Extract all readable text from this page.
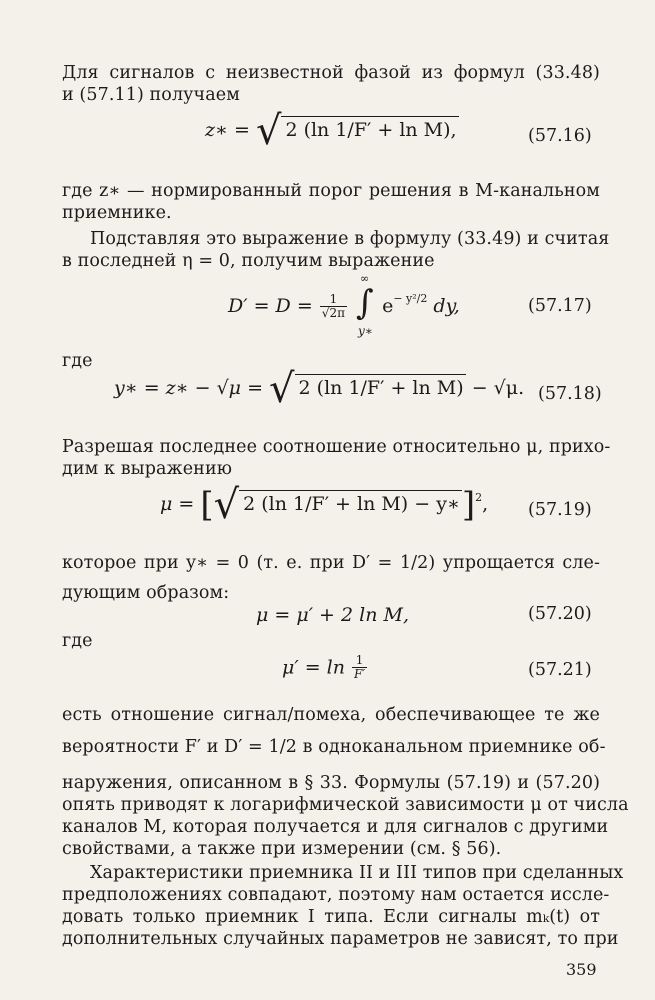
Для сигналов с неизвестной фазой из формул (33.48)
и (57.11) получаем
z∗ = √ 2 (ln 1/F′ + ln M),	(57.16)
где z∗ — нормированный порог решения в M-канальном
приемнике.
Подставляя это выражение в формулу (33.49) и считая
в последней η = 0, получим выражение
$D' = D = \frac{1}{√2\pi}$

∞
∫
y∗
$e^{- y^2/2}$ dy,	(57.17)
где
y∗ = z∗ − √μ = √ 2 (ln 1/F′ + ln M) − √μ. (57.18)
Разрешая последнее соотношение относительно μ, прихо-
дим к выражению
μ = [√ 2 (ln 1/F′ + ln M) − y∗]$^2$, (57.19)
которое при y∗ = 0 (т. е. при D′ = 1/2) упрощается сле-
дующим образом:
μ = μ′ + 2 ln M,	(57.20)
где
$\mu' = \ln \frac{1}{F'}$	(57.21)
есть отношение сигнал/помеха, обеспечивающее те же
вероятности F′ и D′ = 1/2 в одноканальном приемнике об-
наружения, описанном в § 33. Формулы (57.19) и (57.20)
опять приводят к логарифмической зависимости μ от числа
каналов M, которая получается и для сигналов с другими
свойствами, а также при измерении (см. § 56).
Характеристики приемника II и III типов при сделанных
предположениях совпадают, поэтому нам остается иссле-
довать только приемник I типа. Если сигналы mₖ(t) от
дополнительных случайных параметров не зависят, то при
359
